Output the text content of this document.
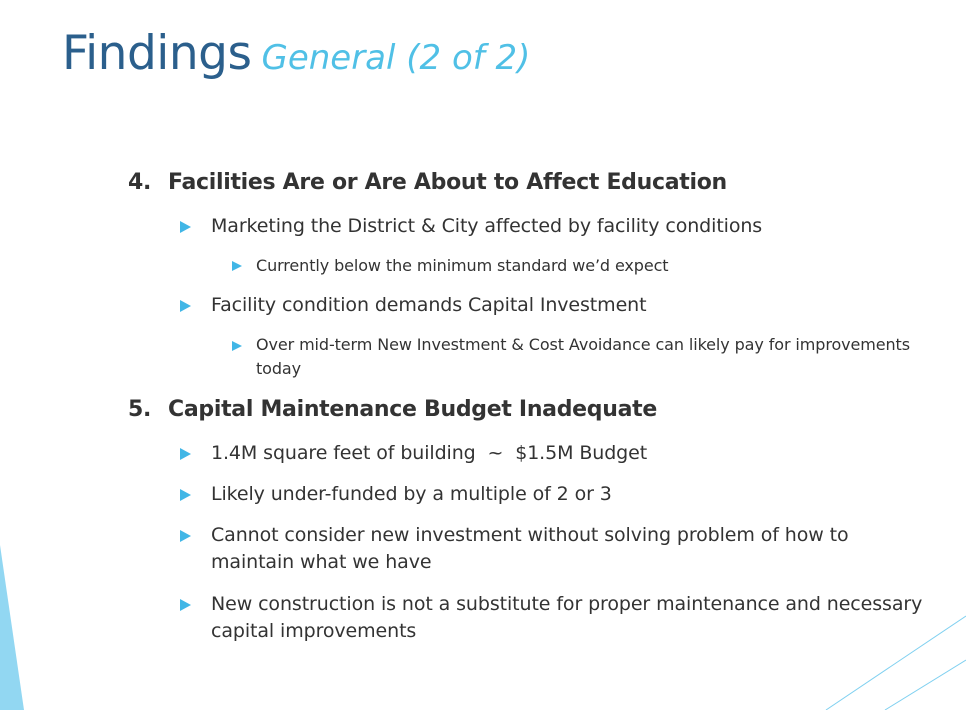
Findings General (2 of 2)
4. Facilities Are or Are About to Affect Education
Marketing the District & City affected by facility conditions
Currently below the minimum standard we’d expect
Facility condition demands Capital Investment
Over mid-term New Investment & Cost Avoidance can likely pay for improvements today
5. Capital Maintenance Budget Inadequate
1.4M square feet of building  ~  $1.5M Budget
Likely under-funded by a multiple of 2 or 3
Cannot consider new investment without solving problem of how to maintain what we have
New construction is not a substitute for proper maintenance and necessary capital improvements
